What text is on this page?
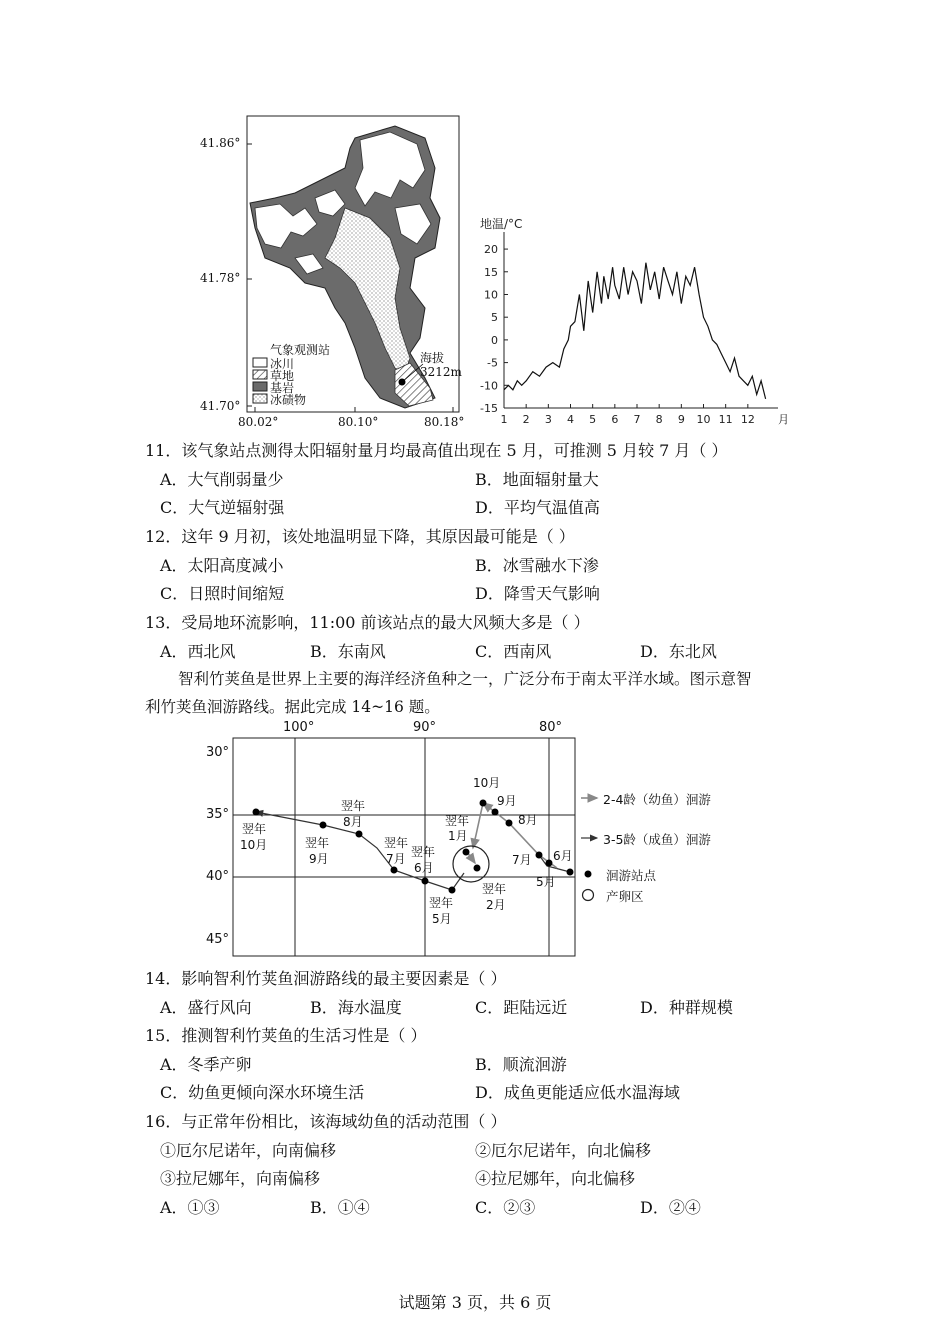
41.86°
41.78°
41.70°
80.02°	80.10°	80.18°
气象观测站
冰川
草地
基岩
冰碛物
海拔
3212m
20
15
10
5
0
-5
-10
-15
1 2 3 4 5 6 7 8 9 10 11 12
地温/°C
月
11．该气象站点测得太阳辐射量月均最高值出现在 5 月，可推测 5 月较 7 月（ ）
A．大气削弱量少	B．地面辐射量大
C．大气逆辐射强	D．平均气温值高
12．这年 9 月初，该处地温明显下降，其原因最可能是（ ）
A．太阳高度减小	B．冰雪融水下渗
C．日照时间缩短	D．降雪天气影响
13．受局地环流影响，11:00 前该站点的最大风频大多是（ ）
A．西北风	B．东南风	C．西南风	D．东北风
智利竹荚鱼是世界上主要的海洋经济鱼种之一，广泛分布于南太平洋水域。图示意智
利竹荚鱼洄游路线。据此完成 14~16 题。
100°	90°	80°
30°
35°
40°
45°
10月
9月
8月
7月 6月
5月
翌年
1月
翌年
2月
翌年
5月
翌年
6月
翌年
7月
翌年
8月
翌年
9月
翌年
10月
2-4龄（幼鱼）洄游
3-5龄（成鱼）洄游
洄游站点
产卵区
14．影响智利竹荚鱼洄游路线的最主要因素是（ ）
A．盛行风向	B．海水温度	C．距陆远近	D．种群规模
15．推测智利竹荚鱼的生活习性是（ ）
A．冬季产卵	B．顺流洄游
C．幼鱼更倾向深水环境生活	D．成鱼更能适应低水温海域
16．与正常年份相比，该海域幼鱼的活动范围（ ）
①厄尔尼诺年，向南偏移	②厄尔尼诺年，向北偏移
③拉尼娜年，向南偏移	④拉尼娜年，向北偏移
A．①③	B．①④	C．②③	D．②④
试题第 3 页，共 6 页
